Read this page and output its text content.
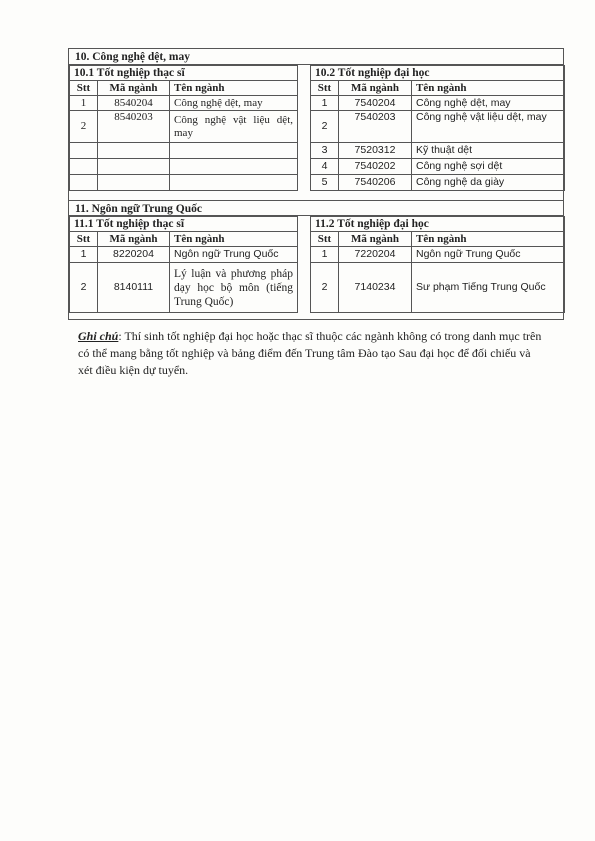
10. Công nghệ dệt, may
10.1 Tốt nghiệp thạc sĩ		
Stt	Mã ngành	Tên ngành
1	8540204	Công nghệ dệt, may
2	8540203	Công nghệ vật liệu dệt, may

10.2 Tốt nghiệp đại học		
Stt	Mã ngành	Tên ngành
1	7540204	Công nghệ dệt, may
2	7540203	Công nghệ vật liệu dệt, may
3	7520312	Kỹ thuật dệt
4	7540202	Công nghệ sợi dệt
5	7540206	Công nghệ da giày
11. Ngôn ngữ Trung Quốc
11.1 Tốt nghiệp thạc sĩ		
Stt	Mã ngành	Tên ngành
1	8220204	Ngôn ngữ Trung Quốc
2	8140111	Lý luận và phương pháp dạy học bộ môn (tiếng Trung Quốc)
11.2 Tốt nghiệp đại học		
Stt	Mã ngành	Tên ngành
1	7220204	Ngôn ngữ Trung Quốc
2	7140234	Sư phạm Tiếng Trung Quốc
Ghi chú: Thí sinh tốt nghiệp đại học hoặc thạc sĩ thuộc các ngành không có trong danh mục trên có thể mang bằng tốt nghiệp và bảng điểm đến Trung tâm Đào tạo Sau đại học để đối chiếu và xét điều kiện dự tuyển.
